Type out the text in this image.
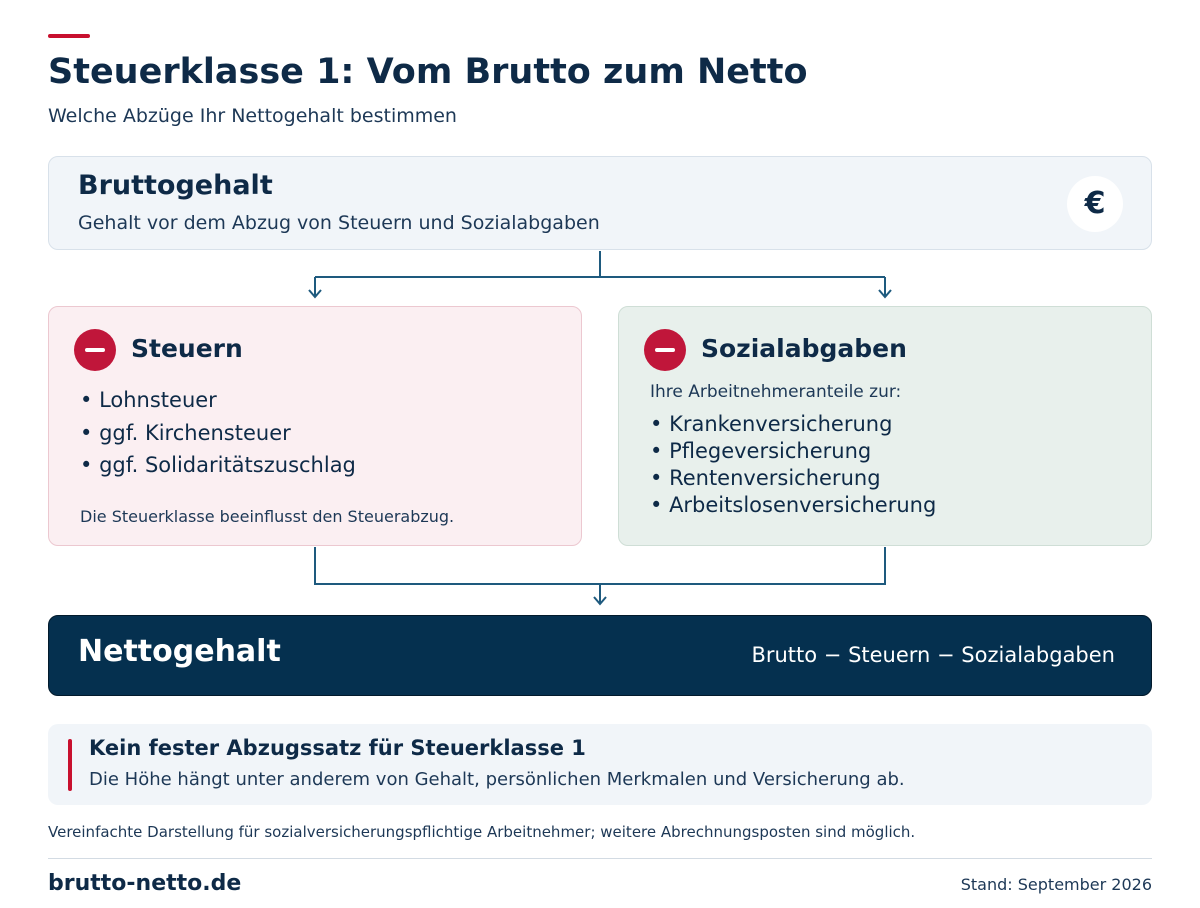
Steuerklasse 1: Vom Brutto zum Netto
Welche Abzüge Ihr Nettogehalt bestimmen
Bruttogehalt
Gehalt vor dem Abzug von Steuern und Sozialabgaben
€
Steuern
• Lohnsteuer
• ggf. Kirchensteuer
• ggf. Solidaritätszuschlag
Die Steuerklasse beeinflusst den Steuerabzug.
Sozialabgaben
Ihre Arbeitnehmeranteile zur:
• Krankenversicherung
• Pflegeversicherung
• Rentenversicherung
• Arbeitslosenversicherung
Nettogehalt	Brutto − Steuern − Sozialabgaben
Kein fester Abzugssatz für Steuerklasse 1
Die Höhe hängt unter anderem von Gehalt, persönlichen Merkmalen und Versicherung ab.
Vereinfachte Darstellung für sozialversicherungspflichtige Arbeitnehmer; weitere Abrechnungsposten sind möglich.
brutto-netto.de	Stand: September 2026
